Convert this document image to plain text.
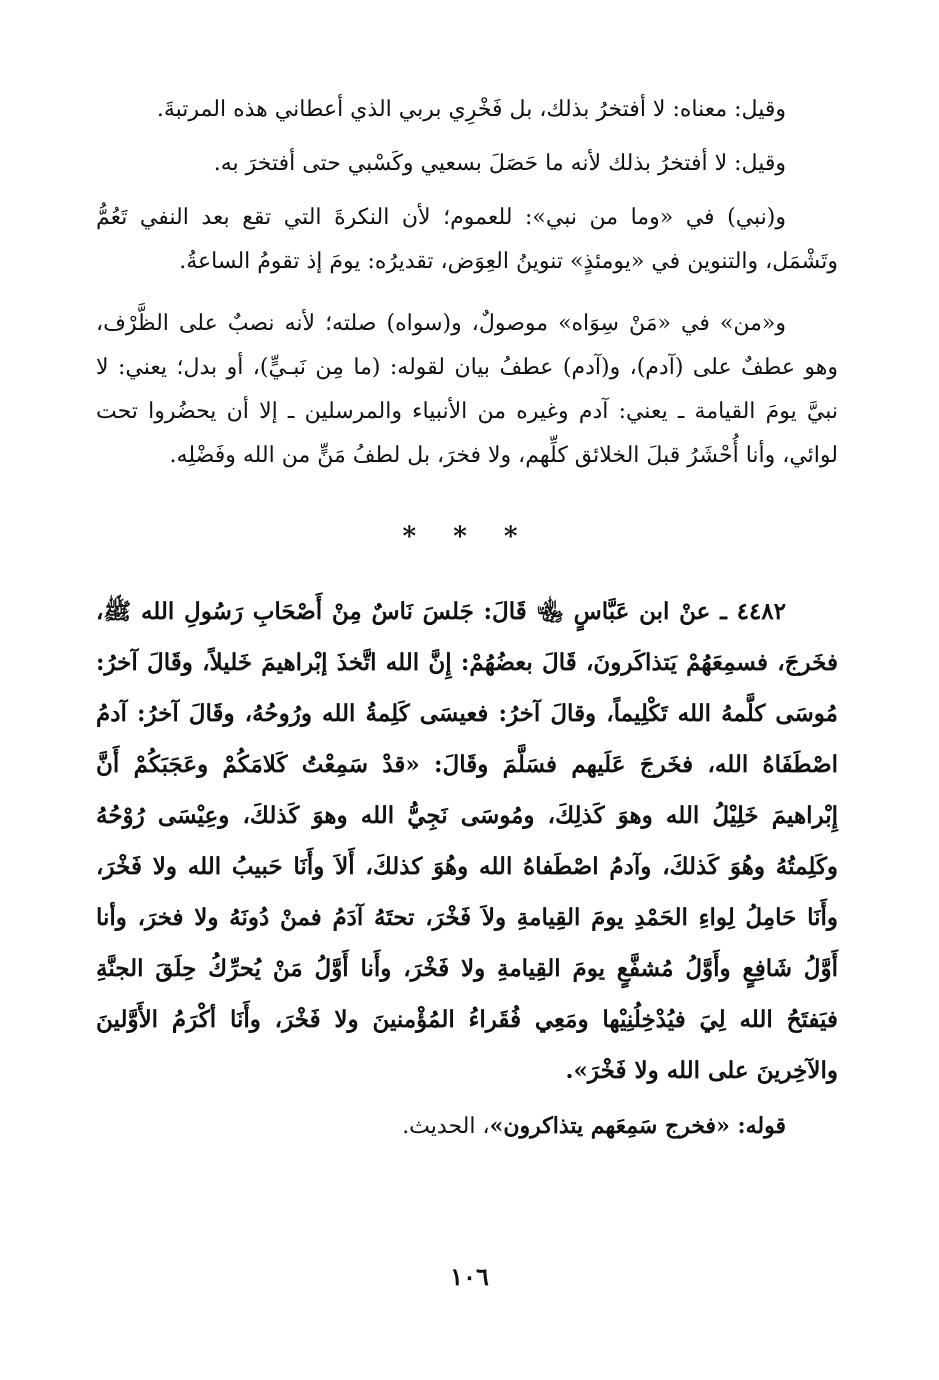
وقيل: معناه: لا أفتخرُ بذلك، بل فَخْرِي بربي الذي أعطاني هذه المرتبةَ.

وقيل: لا أفتخرُ بذلك لأنه ما حَصَلَ بسعيي وكَسْبي حتى أفتخرَ به.

و(نبي) في «وما من نبي»: للعموم؛ لأن النكرةَ التي تقع بعد النفي تَعُمُّ وتَشْمَل، والتنوين في «يومئذٍ» تنوينُ العِوَض، تقديرُه: يومَ إذ تقومُ الساعةُ.

و«من» في «مَنْ سِوَاه» موصولٌ، و(سواه) صلته؛ لأنه نصبٌ على الظَّرْف، وهو عطفٌ على (آدم)، و(آدم) عطفُ بيان لقوله: (ما مِن نَبـيٍّ)، أو بدل؛ يعني: لا نبيَّ يومَ القيامة ـ يعني: آدم وغيره من الأنبياء والمرسلين ـ إلا أن يحضُروا تحت لوائي، وأنا أُحْشَرُ قبلَ الخلائق كلِّهم، ولا فخرَ، بل لطفُ مَنٍّ من الله وفَضْلِه.

* * *

٤٤٨٢ ـ عنْ ابن عَبَّاسٍ ﵄ قَالَ: جَلسَ نَاسٌ مِنْ أَصْحَابِ رَسُولِ الله ﷺ، فخَرجَ، فسمِعَهُمْ يَتذاكَرونَ، قَالَ بعضُهُمْ: إِنَّ الله اتَّخذَ إبْراهيمَ خَليلاً، وقَالَ آخرُ: مُوسَى كلَّمهُ الله تَكْلِيماً، وقالَ آخرُ: فعيسَى كَلِمةُ الله ورُوحُهُ، وقَالَ آخرُ: آدمُ اصْطَفَاهُ الله، فخَرجَ عَلَيهم فسَلَّمَ وقَالَ: «قدْ سَمِعْتُ كَلامَكُمْ وعَجَبَكُمْ أَنَّ إِبْراهيمَ خَلِيْلُ الله وهوَ كَذلِكَ، ومُوسَى نَجِيُّ الله وهوَ كَذلكَ، وعِيْسَى رُوْحُهُ وكَلِمتُهُ وهُوَ كَذلكَ، وآدمُ اصْطَفاهُ الله وهُوَ كذلكَ، أَلاَ وأَنَا حَبيبُ الله ولا فَخْرَ، وأَنَا حَامِلُ لِواءِ الحَمْدِ يومَ القِيامةِ ولاَ فَخْرَ، تحتَهُ آدَمُ فمنْ دُونَهُ ولا فخرَ، وأنا أَوَّلُ شَافِعٍ وأَوَّلُ مُشفَّعٍ يومَ القِيامةِ ولا فَخْرَ، وأَنا أَوَّلُ مَنْ يُحرِّكُ حِلَقَ الجنَّةِ فيَفتَحُ الله لِيَ فيُدْخِلُنِيْها ومَعِي فُقَراءُ المُؤْمنينَ ولا فَخْرَ، وأَنَا أكْرَمُ الأَوَّلينَ والآخِرينَ على الله ولا فَخْرَ».

قوله: «فخرج سَمِعَهم يتذاكرون»، الحديث.

١٠٦
